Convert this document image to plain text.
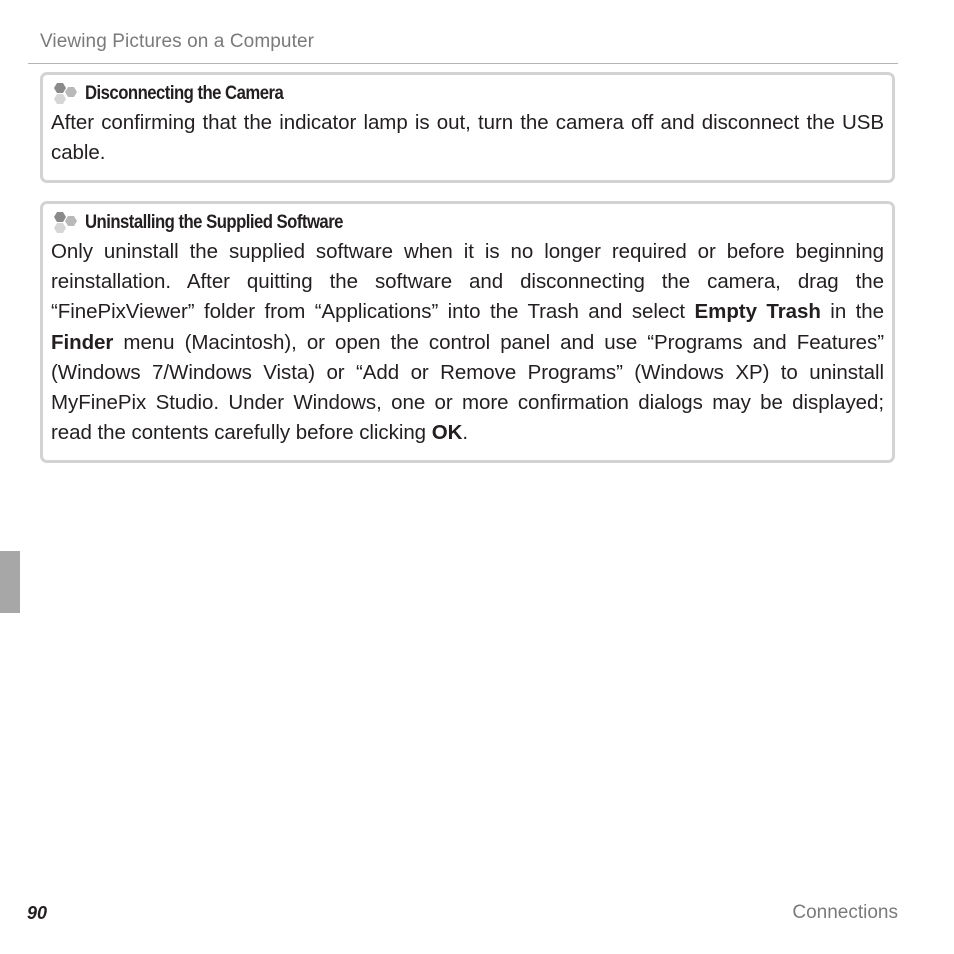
Viewing Pictures on a Computer
Disconnecting the Camera
After confirming that the indicator lamp is out, turn the camera off and disconnect the USB cable.
Uninstalling the Supplied Software
Only uninstall the supplied software when it is no longer required or before beginning reinstallation. After quitting the software and disconnecting the camera, drag the “FinePixViewer” folder from “Applications” into the Trash and select Empty Trash in the Finder menu (Macintosh), or open the control panel and use “Programs and Features” (Windows 7/Windows Vista) or “Add or Remove Programs” (Windows XP) to uninstall MyFinePix Studio. Under Windows, one or more confirmation dialogs may be displayed; read the contents carefully before clicking OK.
90	Connections
